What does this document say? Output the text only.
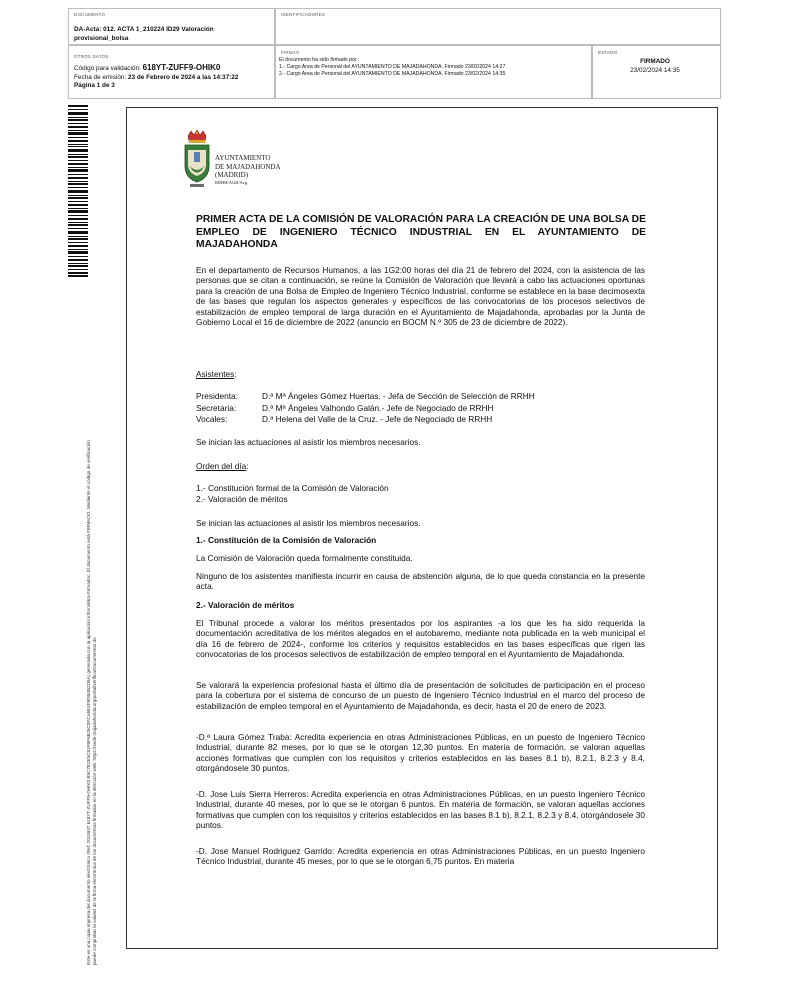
DOCUMENTO
DA-Acta: 012. ACTA 1_210224 ID29 Valoración
provisional_bolsa
IDENTIFICADORES
OTROS DATOS
Código para validación: 618YT-ZUFF9-OHIK0
Fecha de emisión: 23 de Febrero de 2024 a las 14:37:22
Página 1 de 3
FIRMAS
El documento ha sido firmado por :
1.- Cargo Area de Personal del AYUNTAMIENTO DE MAJADAHONDA. Firmado 23/02/2024 14:27
2.- Cargo Area de Personal del AYUNTAMIENTO DE MAJADAHONDA. Firmado 23/02/2024 14:35
ESTADO
FIRMADO
23/02/2024 14:35
Este es una copia impresa del documento electrónico (Ref: 2015937 618YT-ZUFF9-OHIK0 B5C7E2E5C81FBF6829C0FCA6E4F8DB4B2D5A) generada con la aplicación informática Firmadoc. El documento está FIRMADO. Mediante el código de verificación puede comprobar la validez de la firma electrónica de los documentos firmados en la dirección web: https://sede.majadahonda.org/portal/verificarDocumentos.do
AYUNTAMIENTO
DE MAJADAHONDA
(MADRID)
RRHH/AGR/Avg.
PRIMER ACTA DE LA COMISIÓN DE VALORACIÓN PARA LA CREACIÓN DE UNA BOLSA DE EMPLEO DE INGENIERO TÉCNICO INDUSTRIAL EN EL AYUNTAMIENTO DE MAJADAHONDA
En el departamento de Recursos Humanos, a las 1G2:00 horas del día 21 de febrero del 2024, con la asistencia de las personas que se citan a continuación, se reúne la Comisión de Valoración que llevará a cabo las actuaciones oportunas para la creación de una Bolsa de Empleo de Ingeniero Técnico Industrial, conforme se establece en la base decimosexta de las bases que regulan los aspectos generales y específicos de las convocatorias de los procesos selectivos de estabilización de empleo temporal de larga duración en el Ayuntamiento de Majadahonda, aprobadas por la Junta de Gobierno Local el 16 de diciembre de 2022 (anuncio en BOCM N.º 305 de 23 de diciembre de 2022).
Asistentes:
Presidenta:	D.ª Mª Ángeles Gómez Huertas. - Jefa de Sección de Selección de RRHH
Secretaria:	D.ª Mª Ángeles Valhondo Galán.- Jefe de Negociado de RRHH
Vocales:	D.ª Helena del Valle de la Cruz. - Jefe de Negociado de RRHH
Se inician las actuaciones al asistir los miembros necesarios.
Orden del día:
1.- Constitución formal de la Comisión de Valoración
2.- Valoración de méritos
Se inician las actuaciones al asistir los miembros necesarios.
1.- Constitución de la Comisión de Valoración
La Comisión de Valoración queda formalmente constituida.
Ninguno de los asistentes manifiesta incurrir en causa de abstención alguna, de lo que queda constancia en la presente acta.
2.- Valoración de méritos
El Tribunal procede a valorar los méritos presentados por los aspirantes -a los que les ha sido requerida la documentación acreditativa de los méritos alegados en el autobaremo, mediante nota publicada en la web municipal el día 16 de febrero de 2024-, conforme los criterios y requisitos establecidos en las bases específicas que rigen las convocatorias de los procesos selectivos de estabilización de empleo temporal en el Ayuntamiento de Majadahonda.
Se valorará la experiencia profesional hasta el último día de presentación de solicitudes de participación en el proceso para la cobertura por el sistema de concurso de un puesto de Ingeniero Técnico Industrial en el marco del proceso de estabilización de empleo temporal en el Ayuntamiento de Majadahonda, es decir, hasta el 20 de enero de 2023.
-D.ª Laura Gómez Traba: Acredita experiencia en otras Administraciones Públicas, en un puesto de Ingeniero Técnico Industrial, durante 82 meses, por lo que se le otorgan 12,30 puntos. En materia de formación, se valoran aquellas acciones formativas que cumplen con los requisitos y criterios establecidos en las bases 8.1 b), 8.2.1, 8.2.3 y 8.4, otorgándosele 30 puntos.
-D. Jose Luis Sierra Herreros: Acredita experiencia en otras Administraciones Públicas, en un puesto Ingeniero Técnico Industrial, durante 40 meses, por lo que se le otorgan 6 puntos. En materia de formación, se valoran aquellas acciones formativas que cumplen con los requisitos y criterios establecidos en las bases 8.1 b), 8.2.1, 8.2.3 y 8.4, otorgándosele 30 puntos.
-D. Jose Manuel Rodriguez Garrido: Acredita experiencia en otras Administraciones Públicas, en un puesto Ingeniero Técnico Industrial, durante 45 meses, por lo que se le otorgan 6,75 puntos. En materia
